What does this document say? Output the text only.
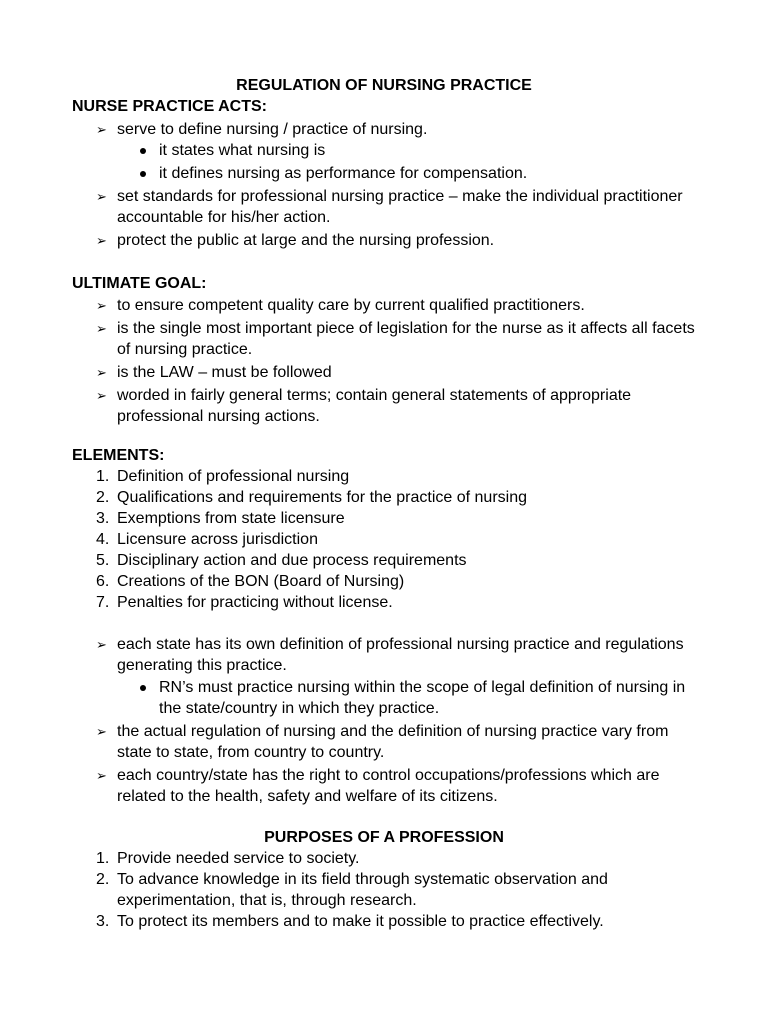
REGULATION OF NURSING PRACTICE
NURSE PRACTICE ACTS:
➢ serve to define nursing / practice of nursing.
it states what nursing is
it defines nursing as performance for compensation.
➢ set standards for professional nursing practice – make the individual practitioner accountable for his/her action.
➢ protect the public at large and the nursing profession.
ULTIMATE GOAL:
➢ to ensure competent quality care by current qualified practitioners.
➢ is the single most important piece of legislation for the nurse as it affects all facets of nursing practice.
➢ is the LAW – must be followed
➢ worded in fairly general terms; contain general statements of appropriate professional nursing actions.
ELEMENTS:
1. Definition of professional nursing
2. Qualifications and requirements for the practice of nursing
3. Exemptions from state licensure
4. Licensure across jurisdiction
5. Disciplinary action and due process requirements
6. Creations of the BON (Board of Nursing)
7. Penalties for practicing without license.
➢ each state has its own definition of professional nursing practice and regulations generating this practice.
RN’s must practice nursing within the scope of legal definition of nursing in the state/country in which they practice.
➢ the actual regulation of nursing and the definition of nursing practice vary from state to state, from country to country.
➢ each country/state has the right to control occupations/professions which are related to the health, safety and welfare of its citizens.
PURPOSES OF A PROFESSION
1. Provide needed service to society.
2. To advance knowledge in its field through systematic observation and experimentation, that is, through research.
3. To protect its members and to make it possible to practice effectively.
